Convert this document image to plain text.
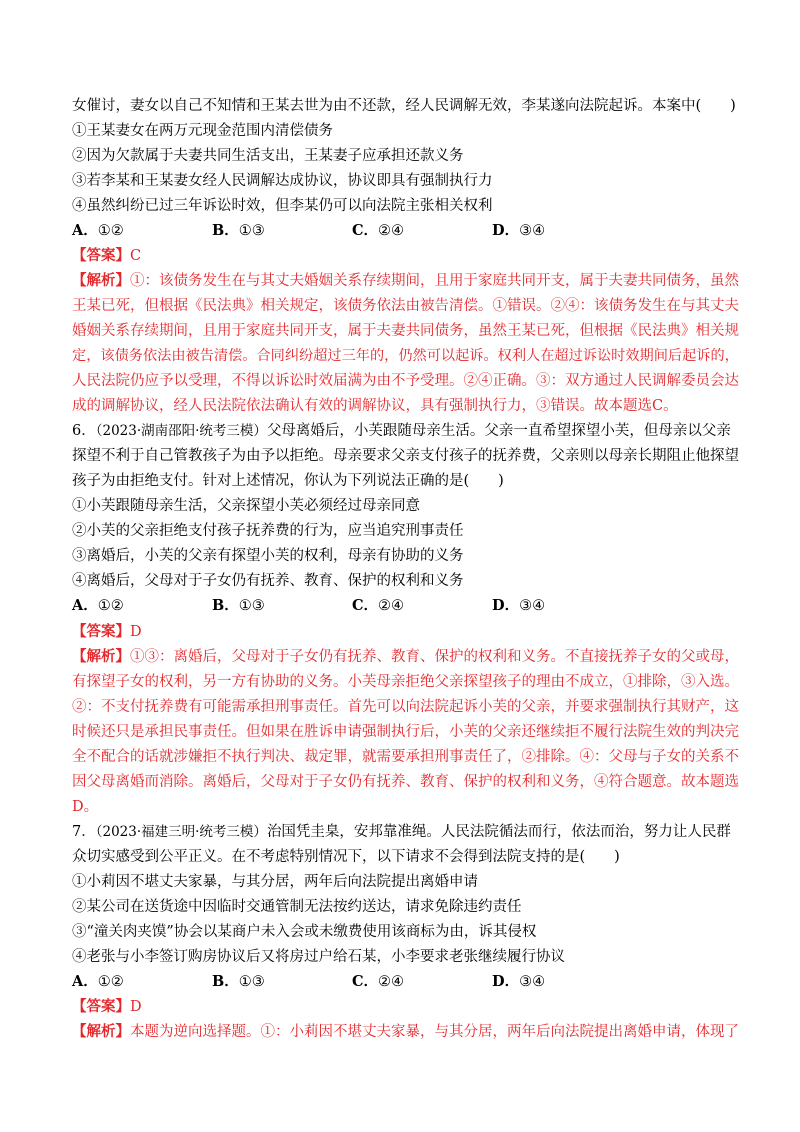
女催讨，妻女以自己不知情和王某去世为由不还款，经人民调解无效，李某遂向法院起诉。本案中(　　)
①王某妻女在两万元现金范围内清偿债务
②因为欠款属于夫妻共同生活支出，王某妻子应承担还款义务
③若李某和王某妻女经人民调解达成协议，协议即具有强制执行力
④虽然纠纷已过三年诉讼时效，但李某仍可以向法院主张相关权利
A．①②	B．①③	C．②④	D．③④
【答案】C
【解析】①：该债务发生在与其丈夫婚姻关系存续期间，且用于家庭共同开支，属于夫妻共同债务，虽然
王某已死，但根据《民法典》相关规定，该债务依法由被告清偿。①错误。②④：该债务发生在与其丈夫
婚姻关系存续期间，且用于家庭共同开支，属于夫妻共同债务，虽然王某已死，但根据《民法典》相关规
定，该债务依法由被告清偿。合同纠纷超过三年的，仍然可以起诉。权利人在超过诉讼时效期间后起诉的，
人民法院仍应予以受理，不得以诉讼时效届满为由不予受理。②④正确。③：双方通过人民调解委员会达
成的调解协议，经人民法院依法确认有效的调解协议，具有强制执行力，③错误。故本题选C。
6．（2023·湖南邵阳·统考三模）父母离婚后，小芙跟随母亲生活。父亲一直希望探望小芙，但母亲以父亲
探望不利于自己管教孩子为由予以拒绝。母亲要求父亲支付孩子的抚养费，父亲则以母亲长期阻止他探望
孩子为由拒绝支付。针对上述情况，你认为下列说法正确的是(　　)
①小芙跟随母亲生活，父亲探望小芙必须经过母亲同意
②小芙的父亲拒绝支付孩子抚养费的行为，应当追究刑事责任
③离婚后，小芙的父亲有探望小芙的权利，母亲有协助的义务
④离婚后，父母对于子女仍有抚养、教育、保护的权利和义务
A．①②	B．①③	C．②④	D．③④
【答案】D
【解析】①③：离婚后，父母对于子女仍有抚养、教育、保护的权利和义务。不直接抚养子女的父或母，
有探望子女的权利，另一方有协助的义务。小芙母亲拒绝父亲探望孩子的理由不成立，①排除，③入选。
②：不支付抚养费有可能需承担刑事责任。首先可以向法院起诉小芙的父亲，并要求强制执行其财产，这
时候还只是承担民事责任。但如果在胜诉申请强制执行后，小芙的父亲还继续拒不履行法院生效的判决完
全不配合的话就涉嫌拒不执行判决、裁定罪，就需要承担刑事责任了，②排除。④：父母与子女的关系不
因父母离婚而消除。离婚后，父母对于子女仍有抚养、教育、保护的权利和义务，④符合题意。故本题选
D。
7．（2023·福建三明·统考三模）治国凭圭臬，安邦靠准绳。人民法院循法而行，依法而治，努力让人民群
众切实感受到公平正义。在不考虑特别情况下，以下请求不会得到法院支持的是(　　)
①小莉因不堪丈夫家暴，与其分居，两年后向法院提出离婚申请
②某公司在送货途中因临时交通管制无法按约送达，请求免除违约责任
③“潼关肉夹馍”协会以某商户未入会或未缴费使用该商标为由，诉其侵权
④老张与小李签订购房协议后又将房过户给石某，小李要求老张继续履行协议
A．①②	B．①③	C．②④	D．③④
【答案】D
【解析】本题为逆向选择题。①：小莉因不堪丈夫家暴，与其分居，两年后向法院提出离婚申请，体现了
